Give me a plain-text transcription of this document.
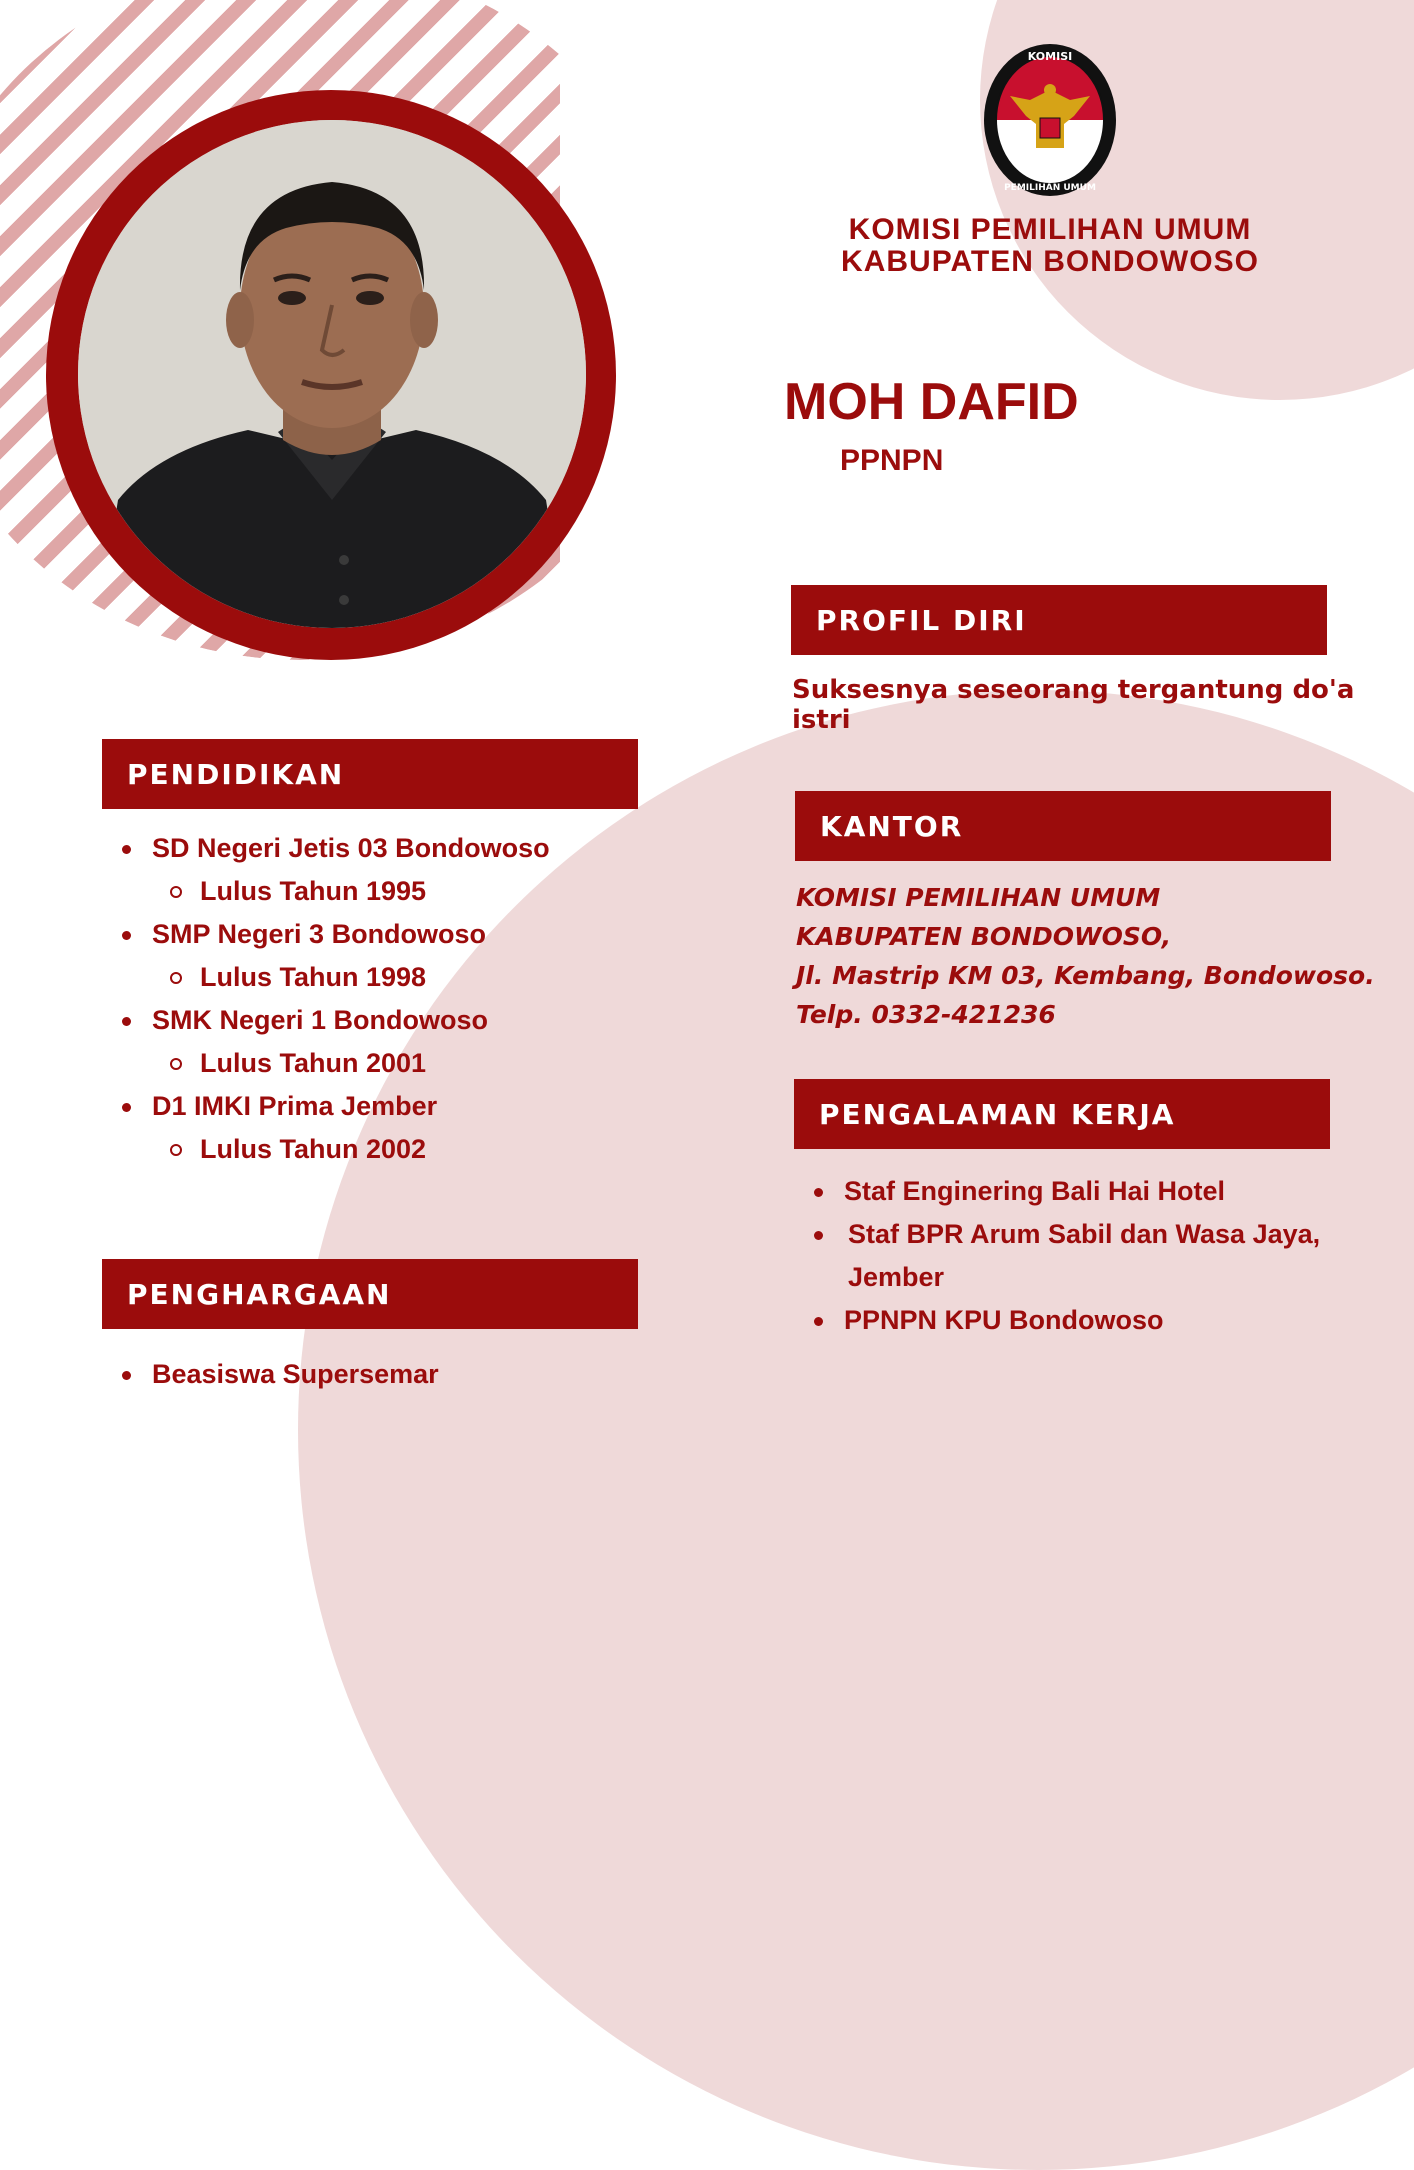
KOMISI
PEMILIHAN UMUM
KOMISI PEMILIHAN UMUM
KABUPATEN BONDOWOSO
MOH DAFID
PPNPN
PROFIL DIRI
Suksesnya seseorang tergantung do'a istri
KANTOR
KOMISI PEMILIHAN UMUM
KABUPATEN BONDOWOSO,
Jl. Mastrip KM 03, Kembang, Bondowoso.
Telp. 0332-421236
PENGALAMAN KERJA
Staf Enginering Bali Hai Hotel
Staf BPR Arum Sabil dan Wasa Jaya,
Jember
PPNPN KPU Bondowoso
PENDIDIKAN
SD Negeri Jetis 03 Bondowoso
Lulus Tahun 1995
SMP Negeri 3 Bondowoso
Lulus Tahun 1998
SMK Negeri 1 Bondowoso
Lulus Tahun 2001
D1 IMKI Prima Jember
Lulus Tahun 2002
PENGHARGAAN
Beasiswa Supersemar
